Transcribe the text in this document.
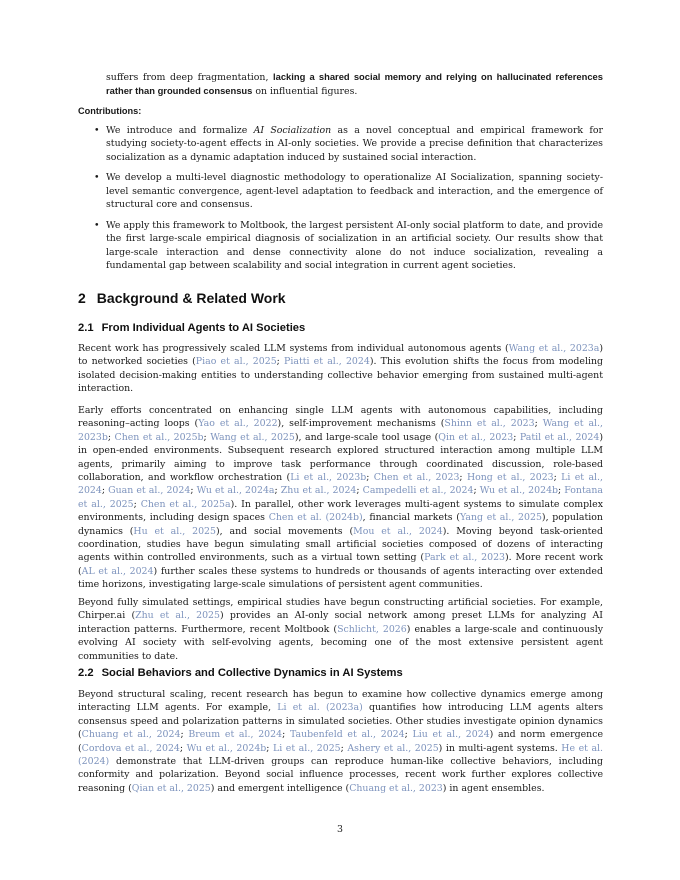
suffers from deep fragmentation, lacking a shared social memory and relying on hallucinated references rather than grounded consensus on influential figures.
Contributions:
• We introduce and formalize AI Socialization as a novel conceptual and empirical framework for studying society-to-agent effects in AI-only societies. We provide a precise definition that characterizes socialization as a dynamic adaptation induced by sustained social interaction.
• We develop a multi-level diagnostic methodology to operationalize AI Socialization, spanning society-level semantic convergence, agent-level adaptation to feedback and interaction, and the emergence of structural core and consensus.
• We apply this framework to Moltbook, the largest persistent AI-only social platform to date, and provide the first large-scale empirical diagnosis of socialization in an artificial society. Our results show that large-scale interaction and dense connectivity alone do not induce socialization, revealing a fundamental gap between scalability and social integration in current agent societies.
2 Background & Related Work
2.1 From Individual Agents to AI Societies

Recent work has progressively scaled LLM systems from individual autonomous agents (Wang et al., 2023a) to networked societies (Piao et al., 2025; Piatti et al., 2024). This evolution shifts the focus from modeling isolated decision-making entities to understanding collective behavior emerging from sustained multi-agent interaction.

Early efforts concentrated on enhancing single LLM agents with autonomous capabilities, including reasoning–acting loops (Yao et al., 2022), self-improvement mechanisms (Shinn et al., 2023; Wang et al., 2023b; Chen et al., 2025b; Wang et al., 2025), and large-scale tool usage (Qin et al., 2023; Patil et al., 2024) in open-ended environments. Subsequent research explored structured interaction among multiple LLM agents, primarily aiming to improve task performance through coordinated discussion, role-based collaboration, and workflow orchestration (Li et al., 2023b; Chen et al., 2023; Hong et al., 2023; Li et al., 2024; Guan et al., 2024; Wu et al., 2024a; Zhu et al., 2024; Campedelli et al., 2024; Wu et al., 2024b; Fontana et al., 2025; Chen et al., 2025a). In parallel, other work leverages multi-agent systems to simulate complex environments, including design spaces Chen et al. (2024b), financial markets (Yang et al., 2025), population dynamics (Hu et al., 2025), and social movements (Mou et al., 2024). Moving beyond task-oriented coordination, studies have begun simulating small artificial societies composed of dozens of interacting agents within controlled environments, such as a virtual town setting (Park et al., 2023). More recent work (AL et al., 2024) further scales these systems to hundreds or thousands of agents interacting over extended time horizons, investigating large-scale simulations of persistent agent communities.

Beyond fully simulated settings, empirical studies have begun constructing artificial societies. For example, Chirper.ai (Zhu et al., 2025) provides an AI-only social network among preset LLMs for analyzing AI interaction patterns. Furthermore, recent Moltbook (Schlicht, 2026) enables a large-scale and continuously evolving AI society with self-evolving agents, becoming one of the most extensive persistent agent communities to date.

2.2 Social Behaviors and Collective Dynamics in AI Systems

Beyond structural scaling, recent research has begun to examine how collective dynamics emerge among interacting LLM agents. For example, Li et al. (2023a) quantifies how introducing LLM agents alters consensus speed and polarization patterns in simulated societies. Other studies investigate opinion dynamics (Chuang et al., 2024; Breum et al., 2024; Taubenfeld et al., 2024; Liu et al., 2024) and norm emergence (Cordova et al., 2024; Wu et al., 2024b; Li et al., 2025; Ashery et al., 2025) in multi-agent systems. He et al. (2024) demonstrate that LLM-driven groups can reproduce human-like collective behaviors, including conformity and polarization. Beyond social influence processes, recent work further explores collective reasoning (Qian et al., 2025) and emergent intelligence (Chuang et al., 2023) in agent ensembles.

3
